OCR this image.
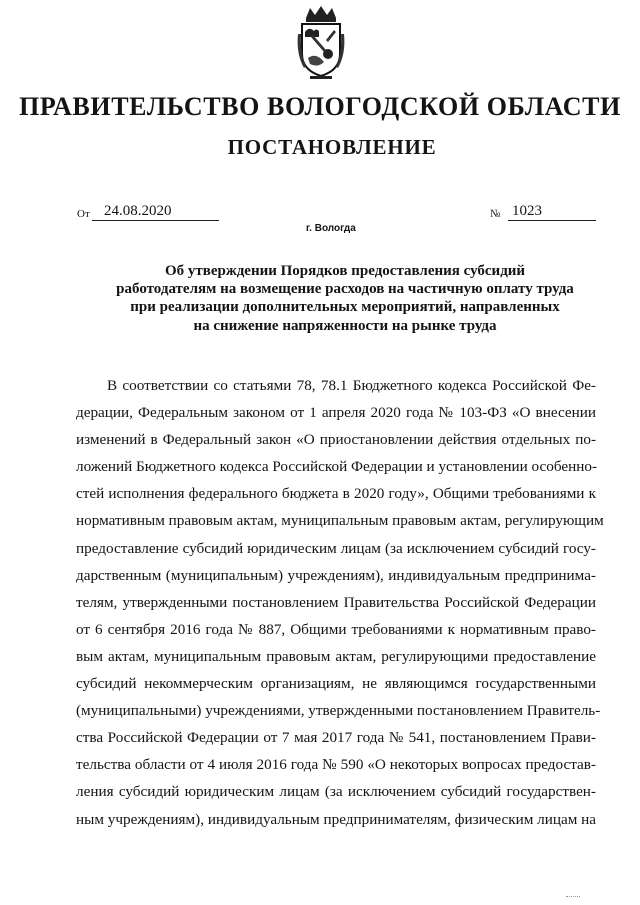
ПРАВИТЕЛЬСТВО ВОЛОГОДСКОЙ ОБЛАСТИ
ПОСТАНОВЛЕНИЕ
От 24.08.2020	№ 1023
г. Вологда
Об утверждении Порядков предоставления субсидий
работодателям на возмещение расходов на частичную оплату труда
при реализации дополнительных мероприятий, направленных
на снижение напряженности на рынке труда
В соответствии со статьями 78, 78.1 Бюджетного кодекса Российской Фе-
дерации, Федеральным законом от 1 апреля 2020 года № 103-ФЗ «О внесении
изменений в Федеральный закон «О приостановлении действия отдельных по-
ложений Бюджетного кодекса Российской Федерации и установлении особенно-
стей исполнения федерального бюджета в 2020 году», Общими требованиями к
нормативным правовым актам, муниципальным правовым актам, регулирующим
предоставление субсидий юридическим лицам (за исключением субсидий госу-
дарственным (муниципальным) учреждениям), индивидуальным предпринима-
телям, утвержденными постановлением Правительства Российской Федерации
от 6 сентября 2016 года № 887, Общими требованиями к нормативным право-
вым актам, муниципальным правовым актам, регулирующими предоставление
субсидий некоммерческим организациям, не являющимся государственными
(муниципальными) учреждениями, утвержденными постановлением Правитель-
ства Российской Федерации от 7 мая 2017 года № 541, постановлением Прави-
тельства области от 4 июля 2016 года № 590 «О некоторых вопросах предостав-
ления субсидий юридическим лицам (за исключением субсидий государствен-
ным учреждениям), индивидуальным предпринимателям, физическим лицам на
